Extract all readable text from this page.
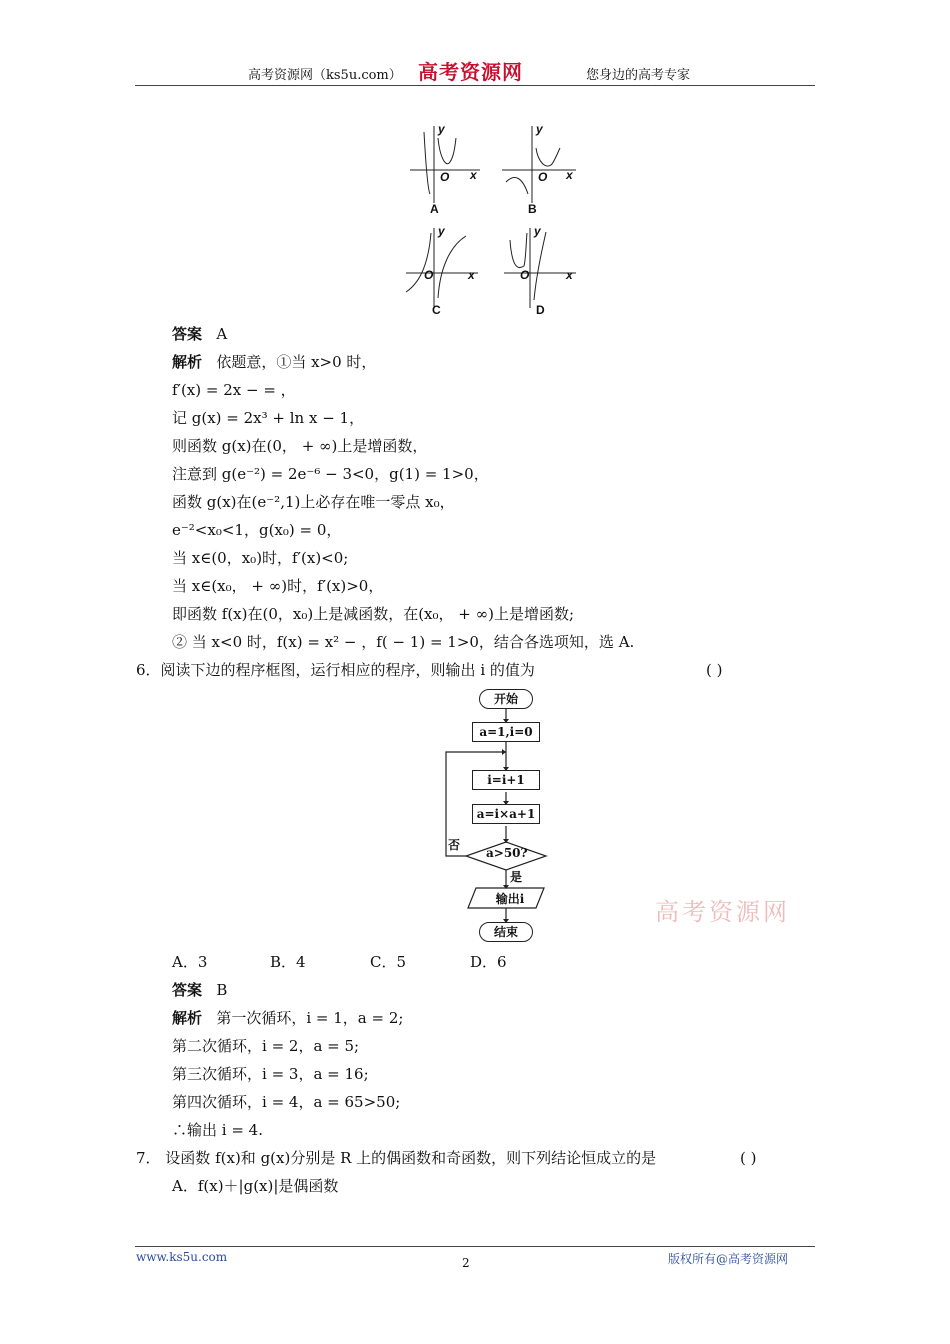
高考资源网（ks5u.com） 高考资源网	您身边的高考专家
x
y
O
A
x
y
O
B
x
y
O
C
x
y
O
D
答案 A
解析 依题意，①当 x>0 时，
f′(x) = 2x − = ，
记 g(x) = 2x³ + ln x − 1，
则函数 g(x)在(0， + ∞)上是增函数，
注意到 g(e⁻²) = 2e⁻⁶ − 3<0，g(1) = 1>0，
函数 g(x)在(e⁻²,1)上必存在唯一零点 x₀，
e⁻²<x₀<1，g(x₀) = 0，
当 x∈(0，x₀)时，f′(x)<0;
当 x∈(x₀， + ∞)时，f′(x)>0，
即函数 f(x)在(0，x₀)上是减函数，在(x₀， + ∞)上是增函数;
② 当 x<0 时，f(x) = x² − ，f( − 1) = 1>0，结合各选项知，选 A.
6．阅读下边的程序框图，运行相应的程序，则输出 i 的值为	( )
开始
a=1,i=0
i=i+1
a=i×a+1
a>50?
否
是
输出i
结束
高考资源网
A．3	B．4	C．5	D．6
答案 B
解析 第一次循环，i = 1，a = 2;
第二次循环，i = 2，a = 5;
第三次循环，i = 3，a = 16;
第四次循环，i = 4，a = 65>50;
∴输出 i = 4.
7． 设函数 f(x)和 g(x)分别是 R 上的偶函数和奇函数，则下列结论恒成立的是	( )
A．f(x)＋|g(x)|是偶函数
www.ks5u.com	2	版权所有@高考资源网
